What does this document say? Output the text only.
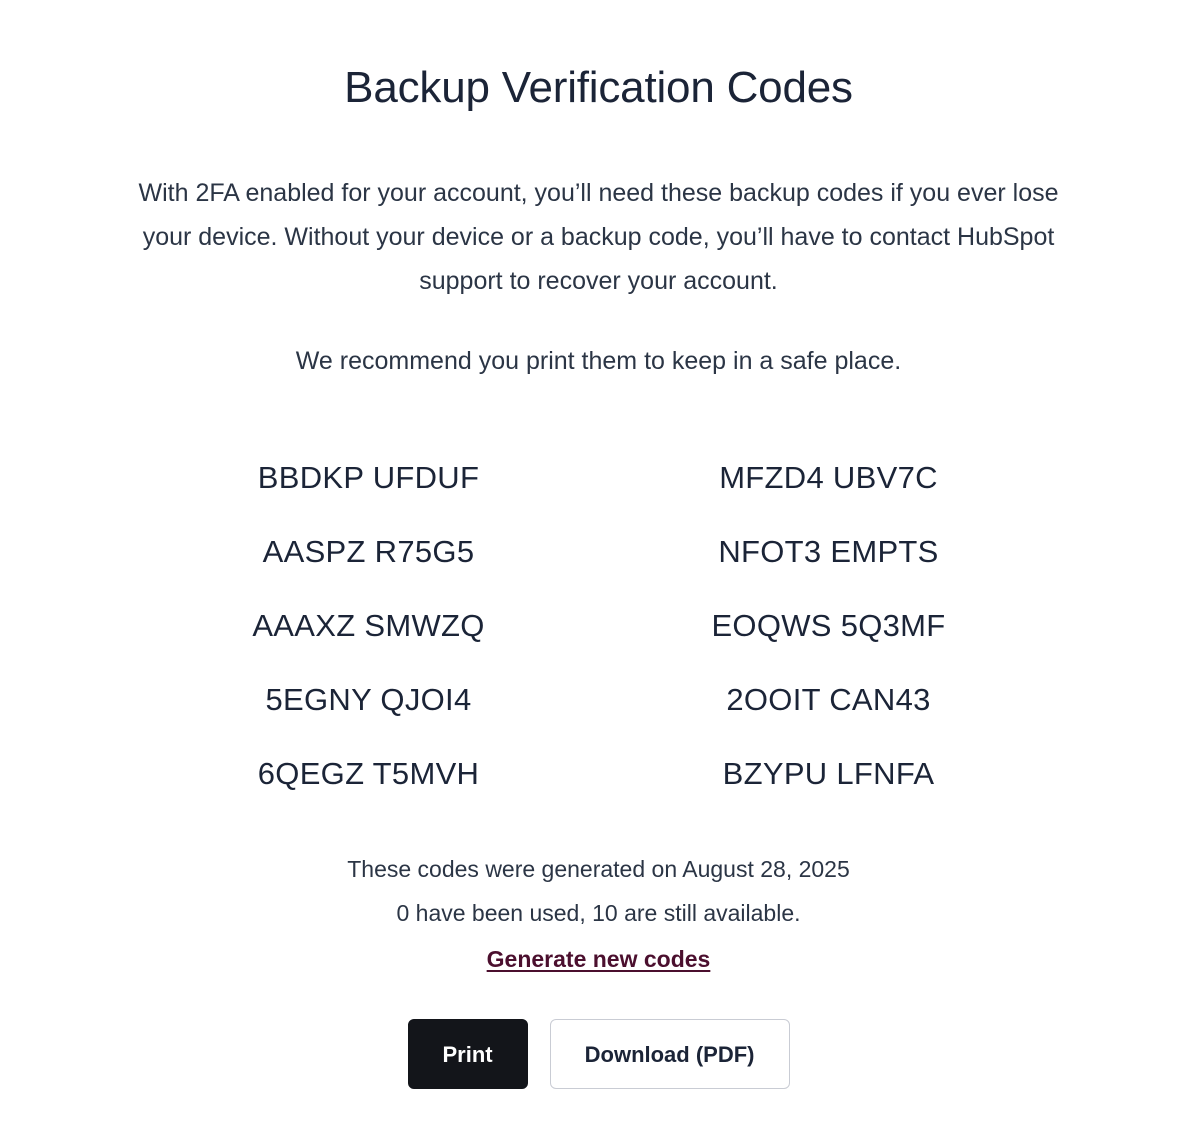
Backup Verification Codes

With 2FA enabled for your account, you’ll need these backup codes if you ever lose your device. Without your device or a backup code, you’ll have to contact HubSpot support to recover your account.

We recommend you print them to keep in a safe place.

BBDKP UFDUF	MFZD4 UBV7C
AASPZ R75G5	NFOT3 EMPTS
AAAXZ SMWZQ	EOQWS 5Q3MF
5EGNY QJOI4	2OOIT CAN43
6QEGZ T5MVH	BZYPU LFNFA
These codes were generated on August 28, 2025
0 have been used, 10 are still available.
Generate new codes
Print	Download (PDF)
